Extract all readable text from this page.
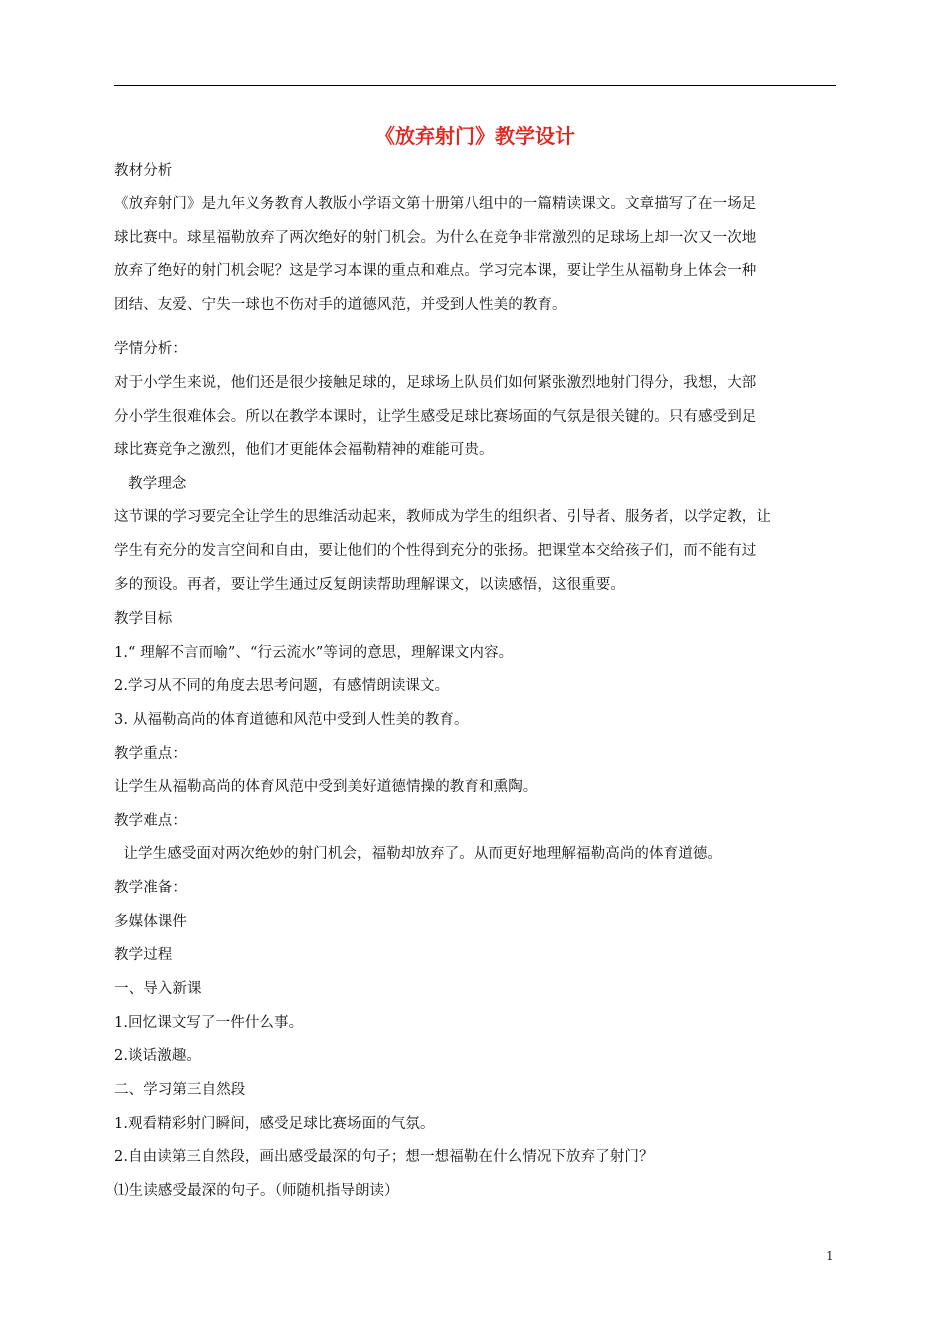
《放弃射门》教学设计
教材分析
《放弃射门》是九年义务教育人教版小学语文第十册第八组中的一篇精读课文。文章描写了在一场足
球比赛中。球星福勒放弃了两次绝好的射门机会。为什么在竞争非常激烈的足球场上却一次又一次地
放弃了绝好的射门机会呢？这是学习本课的重点和难点。学习完本课，要让学生从福勒身上体会一种
团结、友爱、宁失一球也不伤对手的道德风范，并受到人性美的教育。
学情分析：
对于小学生来说，他们还是很少接触足球的，足球场上队员们如何紧张激烈地射门得分，我想，大部
分小学生很难体会。所以在教学本课时，让学生感受足球比赛场面的气氛是很关键的。只有感受到足
球比赛竞争之激烈，他们才更能体会福勒精神的难能可贵。
教学理念
这节课的学习要完全让学生的思维活动起来，教师成为学生的组织者、引导者、服务者，以学定教，让
学生有充分的发言空间和自由，要让他们的个性得到充分的张扬。把课堂本交给孩子们，而不能有过
多的预设。再者，要让学生通过反复朗读帮助理解课文，以读感悟，这很重要。
教学目标
1.“ 理解不言而喻”、“行云流水”等词的意思，理解课文内容。
2.学习从不同的角度去思考问题，有感情朗读课文。
3. 从福勒高尚的体育道德和风范中受到人性美的教育。
教学重点：
让学生从福勒高尚的体育风范中受到美好道德情操的教育和熏陶。
教学难点：
让学生感受面对两次绝妙的射门机会，福勒却放弃了。从而更好地理解福勒高尚的体育道德。
教学准备：
多媒体课件
教学过程
一、导入新课
1.回忆课文写了一件什么事。
2.谈话激趣。
二、学习第三自然段
1.观看精彩射门瞬间，感受足球比赛场面的气氛。
2.自由读第三自然段，画出感受最深的句子；想一想福勒在什么情况下放弃了射门？
⑴生读感受最深的句子。（师随机指导朗读）
1
